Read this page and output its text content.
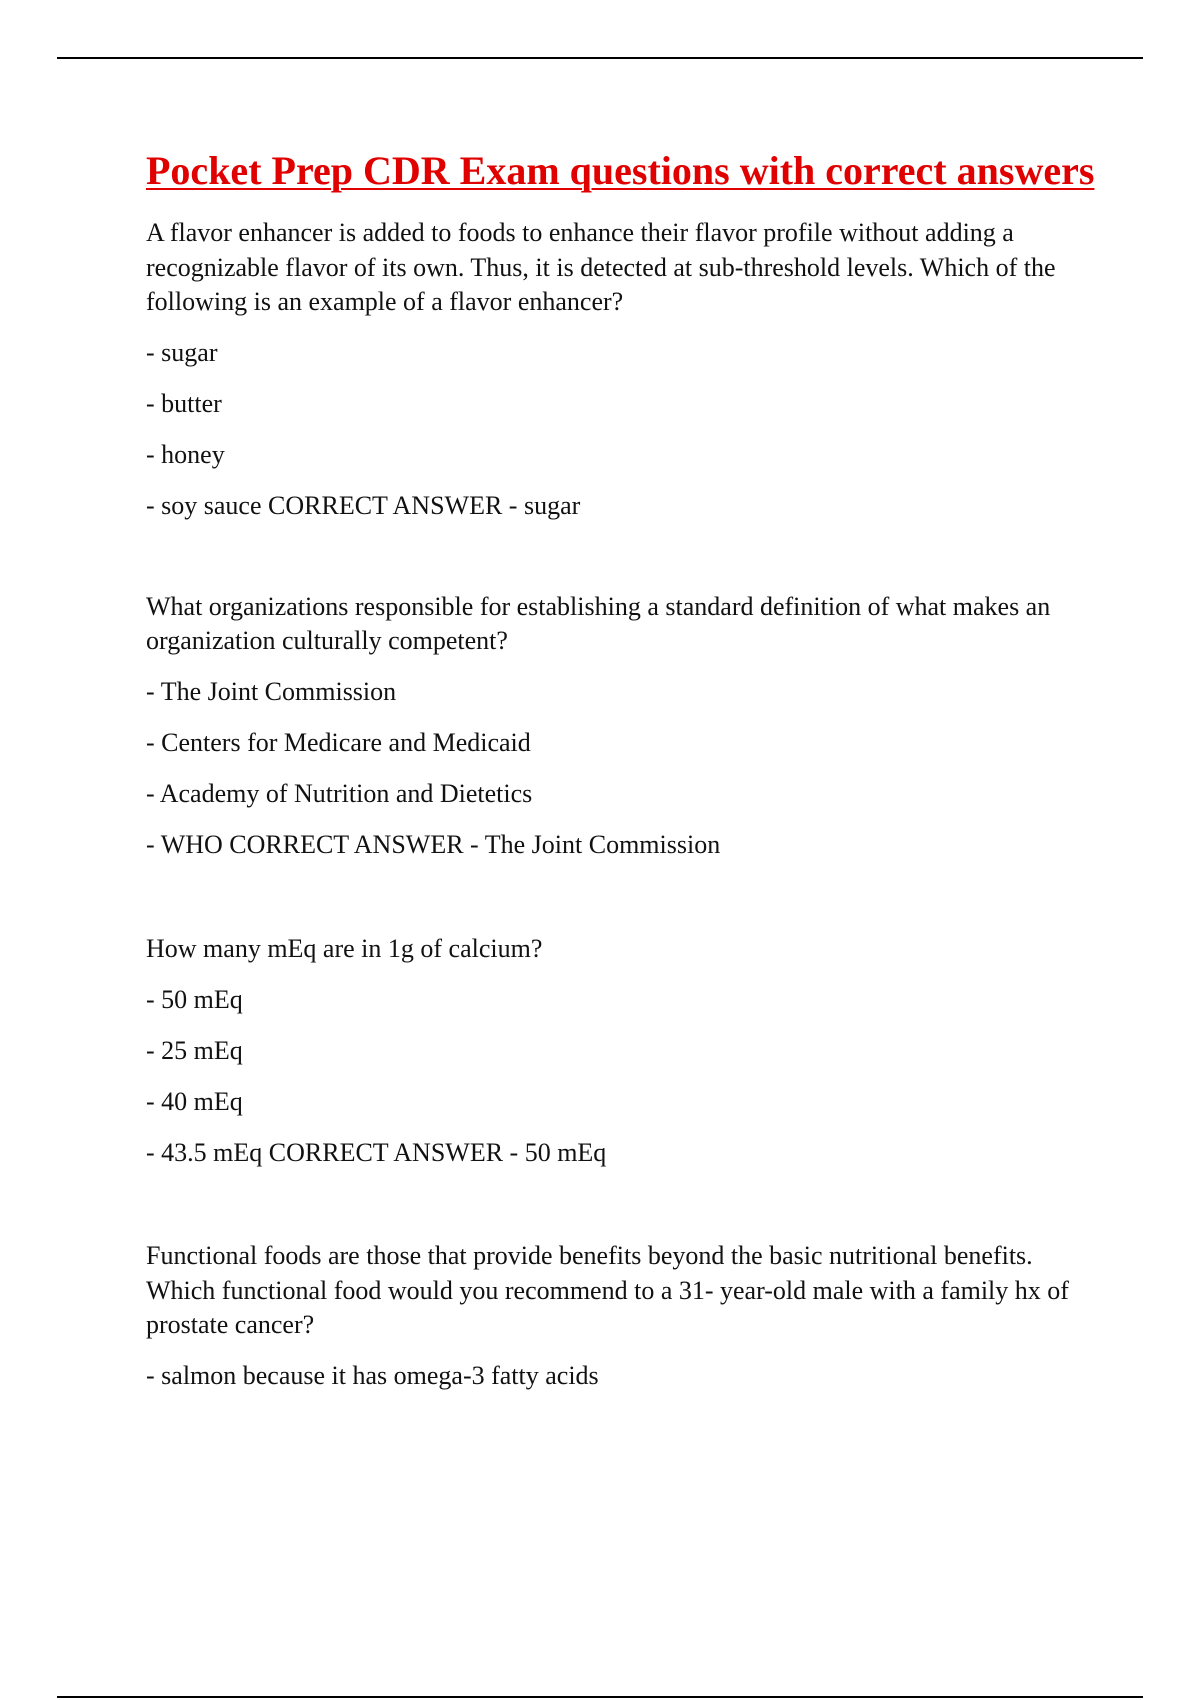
Pocket Prep CDR Exam questions with correct answers

A flavor enhancer is added to foods to enhance their flavor profile without adding a recognizable flavor of its own. Thus, it is detected at sub-threshold levels. Which of the following is an example of a flavor enhancer?

- sugar
- butter
- honey
- soy sauce CORRECT ANSWER - sugar

What organizations responsible for establishing a standard definition of what makes an organization culturally competent?

- The Joint Commission
- Centers for Medicare and Medicaid
- Academy of Nutrition and Dietetics
- WHO CORRECT ANSWER - The Joint Commission

How many mEq are in 1g of calcium?

- 50 mEq
- 25 mEq
- 40 mEq
- 43.5 mEq CORRECT ANSWER - 50 mEq

Functional foods are those that provide benefits beyond the basic nutritional benefits. Which functional food would you recommend to a 31- year-old male with a family hx of prostate cancer?

- salmon because it has omega-3 fatty acids
